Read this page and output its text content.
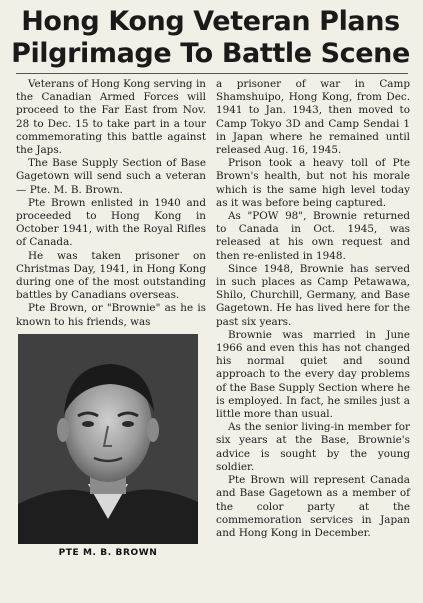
Hong Kong Veteran Plans
Pilgrimage To Battle Scene

Veterans of Hong Kong serving in the Canadian Armed Forces will proceed to the Far East from Nov. 28 to Dec. 15 to take part in a tour commemorating this battle against the Japs.

The Base Supply Section of Base Gagetown will send such a veteran — Pte. M. B. Brown.

Pte Brown enlisted in 1940 and proceeded to Hong Kong in October 1941, with the Royal Rifles of Canada.

He was taken prisoner on Christmas Day, 1941, in Hong Kong during one of the most outstanding battles by Canadians overseas.

Pte Brown, or "Brownie" as he is known to his friends, was

PTE M. B. BROWN

a prisoner of war in Camp Shamshuipo, Hong Kong, from Dec. 1941 to Jan. 1943, then moved to Camp Tokyo 3D and Camp Sendai 1 in Japan where he remained until released Aug. 16, 1945.

Prison took a heavy toll of Pte Brown's health, but not his morale which is the same high level today as it was before being captured.

As "POW 98", Brownie returned to Canada in Oct. 1945, was released at his own request and then re-enlisted in 1948.

Since 1948, Brownie has served in such places as Camp Petawawa, Shilo, Churchill, Germany, and Base Gagetown. He has lived here for the past six years.

Brownie was married in June 1966 and even this has not changed his normal quiet and sound approach to the every day problems of the Base Supply Section where he is employed. In fact, he smiles just a little more than usual.

As the senior living-in member for six years at the Base, Brownie's advice is sought by the young soldier.

Pte Brown will represent Canada and Base Gagetown as a member of the color party at the commemoration services in Japan and Hong Kong in December.
